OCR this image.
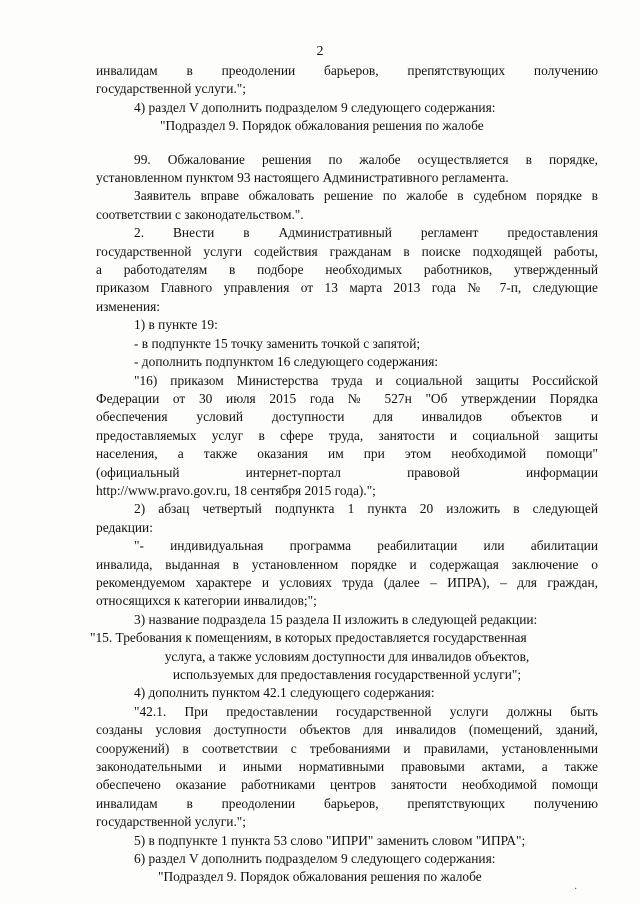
2

инвалидам в преодолении барьеров, препятствующих получению

государственной услуги.";

4) раздел V дополнить подразделом 9 следующего содержания:

"Подраздел 9. Порядок обжалования решения по жалобе

99. Обжалование решения по жалобе осуществляется в порядке,

установленном пунктом 93 настоящего Административного регламента.

Заявитель вправе обжаловать решение по жалобе в судебном порядке в

соответствии с законодательством.".

2. Внести в Административный регламент предоставления

государственной услуги содействия гражданам в поиске подходящей работы,

а работодателям в подборе необходимых работников, утвержденный

приказом Главного управления от 13 марта 2013 года № 7-п, следующие

изменения:

1) в пункте 19:

- в подпункте 15 точку заменить точкой с запятой;

- дополнить подпунктом 16 следующего содержания:

"16) приказом Министерства труда и социальной защиты Российской

Федерации от 30 июля 2015 года № 527н "Об утверждении Порядка

обеспечения условий доступности для инвалидов объектов и

предоставляемых услуг в сфере труда, занятости и социальной защиты

населения, а также оказания им при этом необходимой помощи"

(официальный интернет-портал правовой информации

http://www.pravo.gov.ru, 18 сентября 2015 года).";

2) абзац четвертый подпункта 1 пункта 20 изложить в следующей

редакции:

"- индивидуальная программа реабилитации или абилитации

инвалида, выданная в установленном порядке и содержащая заключение о

рекомендуемом характере и условиях труда (далее – ИПРА), – для граждан,

относящихся к категории инвалидов;";

3) название подраздела 15 раздела II изложить в следующей редакции:

"15. Требования к помещениям, в которых предоставляется государственная

услуга, а также условиям доступности для инвалидов объектов,

используемых для предоставления государственной услуги";

4) дополнить пунктом 42.1 следующего содержания:

"42.1. При предоставлении государственной услуги должны быть

созданы условия доступности объектов для инвалидов (помещений, зданий,

сооружений) в соответствии с требованиями и правилами, установленными

законодательными и иными нормативными правовыми актами, а также

обеспечено оказание работниками центров занятости необходимой помощи

инвалидам в преодолении барьеров, препятствующих получению

государственной услуги.";

5) в подпункте 1 пункта 53 слово "ИПРИ" заменить словом "ИПРА";

6) раздел V дополнить подразделом 9 следующего содержания:

"Подраздел 9. Порядок обжалования решения по жалобе

·
